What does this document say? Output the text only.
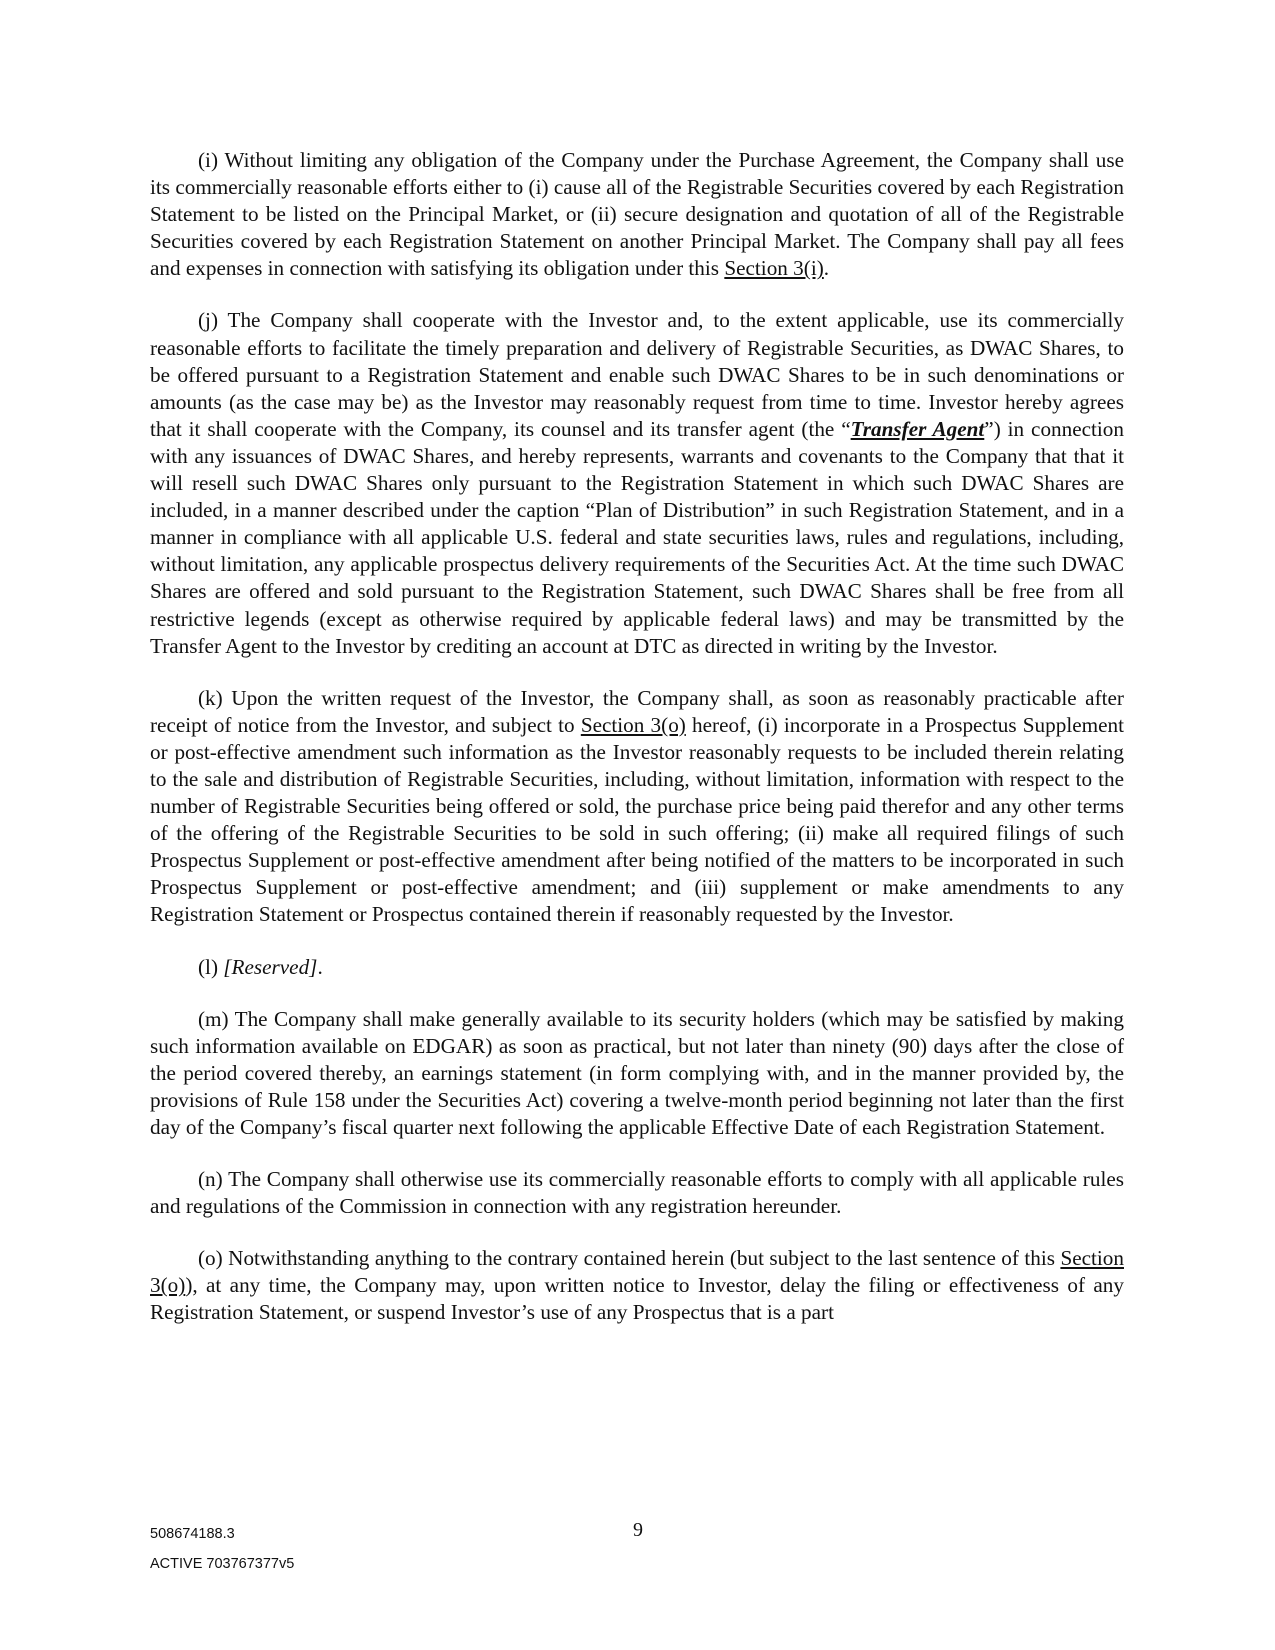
(i) Without limiting any obligation of the Company under the Purchase Agreement, the Company shall use its commercially reasonable efforts either to (i) cause all of the Registrable Securities covered by each Registration Statement to be listed on the Principal Market, or (ii) secure designation and quotation of all of the Registrable Securities covered by each Registration Statement on another Principal Market. The Company shall pay all fees and expenses in connection with satisfying its obligation under this Section 3(i).

(j) The Company shall cooperate with the Investor and, to the extent applicable, use its commercially reasonable efforts to facilitate the timely preparation and delivery of Registrable Securities, as DWAC Shares, to be offered pursuant to a Registration Statement and enable such DWAC Shares to be in such denominations or amounts (as the case may be) as the Investor may reasonably request from time to time. Investor hereby agrees that it shall cooperate with the Company, its counsel and its transfer agent (the “Transfer Agent”) in connection with any issuances of DWAC Shares, and hereby represents, warrants and covenants to the Company that that it will resell such DWAC Shares only pursuant to the Registration Statement in which such DWAC Shares are included, in a manner described under the caption “Plan of Distribution” in such Registration Statement, and in a manner in compliance with all applicable U.S. federal and state securities laws, rules and regulations, including, without limitation, any applicable prospectus delivery requirements of the Securities Act. At the time such DWAC Shares are offered and sold pursuant to the Registration Statement, such DWAC Shares shall be free from all restrictive legends (except as otherwise required by applicable federal laws) and may be transmitted by the Transfer Agent to the Investor by crediting an account at DTC as directed in writing by the Investor.

(k) Upon the written request of the Investor, the Company shall, as soon as reasonably practicable after receipt of notice from the Investor, and subject to Section 3(o) hereof, (i) incorporate in a Prospectus Supplement or post-effective amendment such information as the Investor reasonably requests to be included therein relating to the sale and distribution of Registrable Securities, including, without limitation, information with respect to the number of Registrable Securities being offered or sold, the purchase price being paid therefor and any other terms of the offering of the Registrable Securities to be sold in such offering; (ii) make all required filings of such Prospectus Supplement or post-effective amendment after being notified of the matters to be incorporated in such Prospectus Supplement or post-effective amendment; and (iii) supplement or make amendments to any Registration Statement or Prospectus contained therein if reasonably requested by the Investor.

(l) [Reserved].

(m) The Company shall make generally available to its security holders (which may be satisfied by making such information available on EDGAR) as soon as practical, but not later than ninety (90) days after the close of the period covered thereby, an earnings statement (in form complying with, and in the manner provided by, the provisions of Rule 158 under the Securities Act) covering a twelve-month period beginning not later than the first day of the Company’s fiscal quarter next following the applicable Effective Date of each Registration Statement.

(n) The Company shall otherwise use its commercially reasonable efforts to comply with all applicable rules and regulations of the Commission in connection with any registration hereunder.

(o) Notwithstanding anything to the contrary contained herein (but subject to the last sentence of this Section 3(o)), at any time, the Company may, upon written notice to Investor, delay the filing or effectiveness of any Registration Statement, or suspend Investor’s use of any Prospectus that is a part

508674188.3
ACTIVE 703767377v5
9
